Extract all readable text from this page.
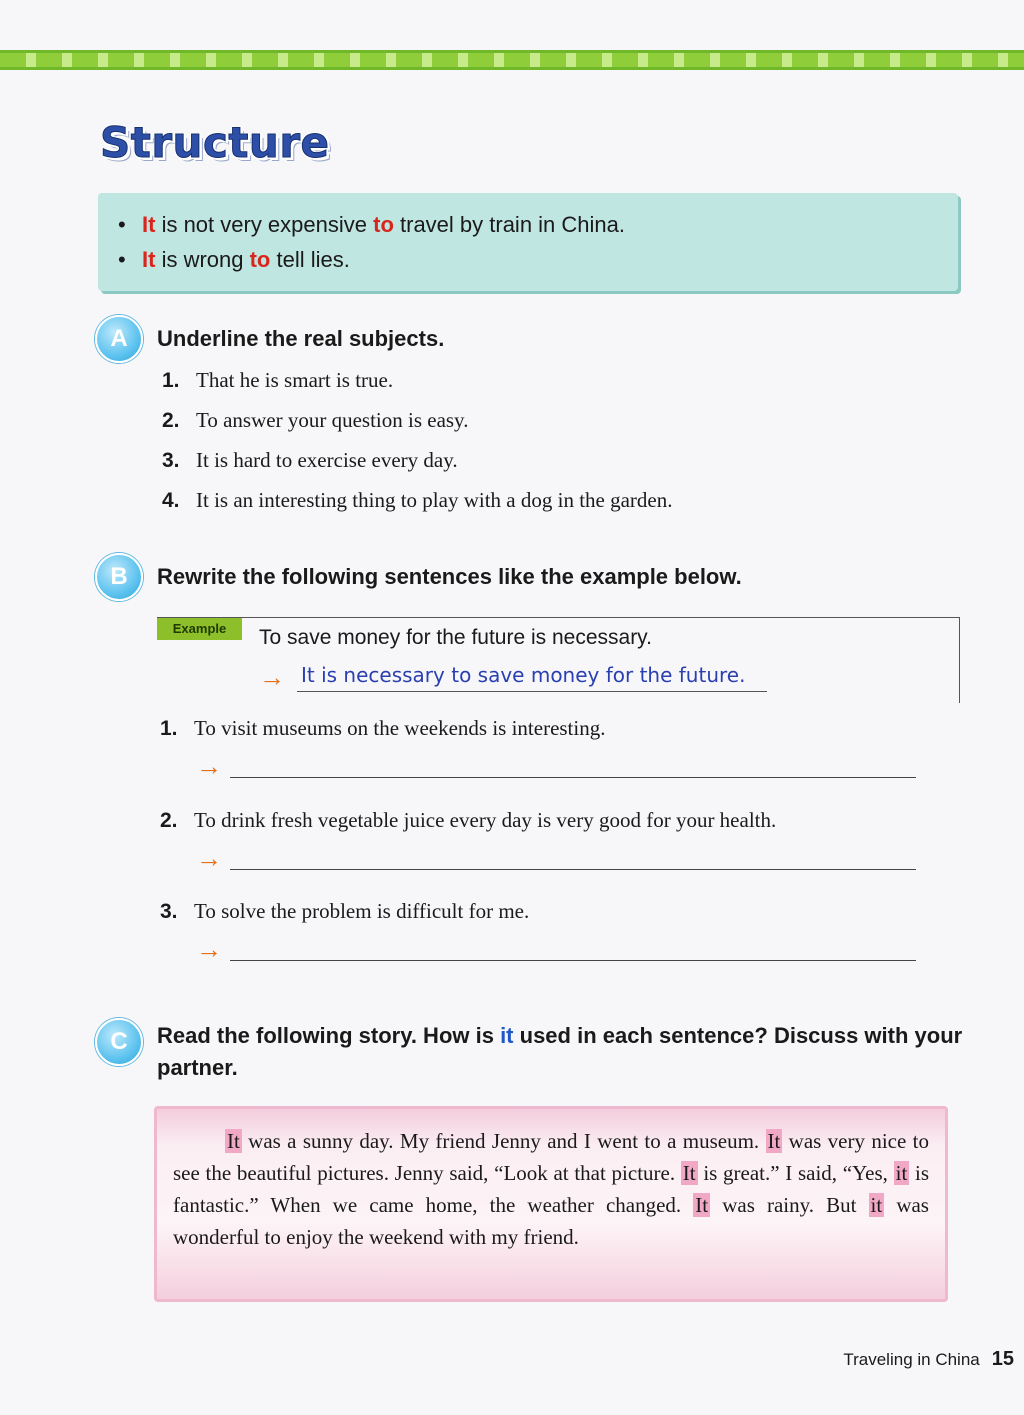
Structure
• It is not very expensive to travel by train in China.
• It is wrong to tell lies.
A	Underline the real subjects.
1. That he is smart is true.
2. To answer your question is easy.
3. It is hard to exercise every day.
4. It is an interesting thing to play with a dog in the garden.
B	Rewrite the following sentences like the example below.
Example	To save money for the future is necessary.
→ It is necessary to save money for the future.
1. To visit museums on the weekends is interesting.
→
2. To drink fresh vegetable juice every day is very good for your health.
→
3. To solve the problem is difficult for me.
→
C	Read the following story. How is it used in each sentence? Discuss with your partner.
It was a sunny day. My friend Jenny and I went to a museum. It was very nice to see the beautiful pictures. Jenny said, “Look at that picture. It is great.” I said, “Yes, it is fantastic.” When we came home, the weather changed. It was rainy. But it was wonderful to enjoy the weekend with my friend.
Traveling in China 15
